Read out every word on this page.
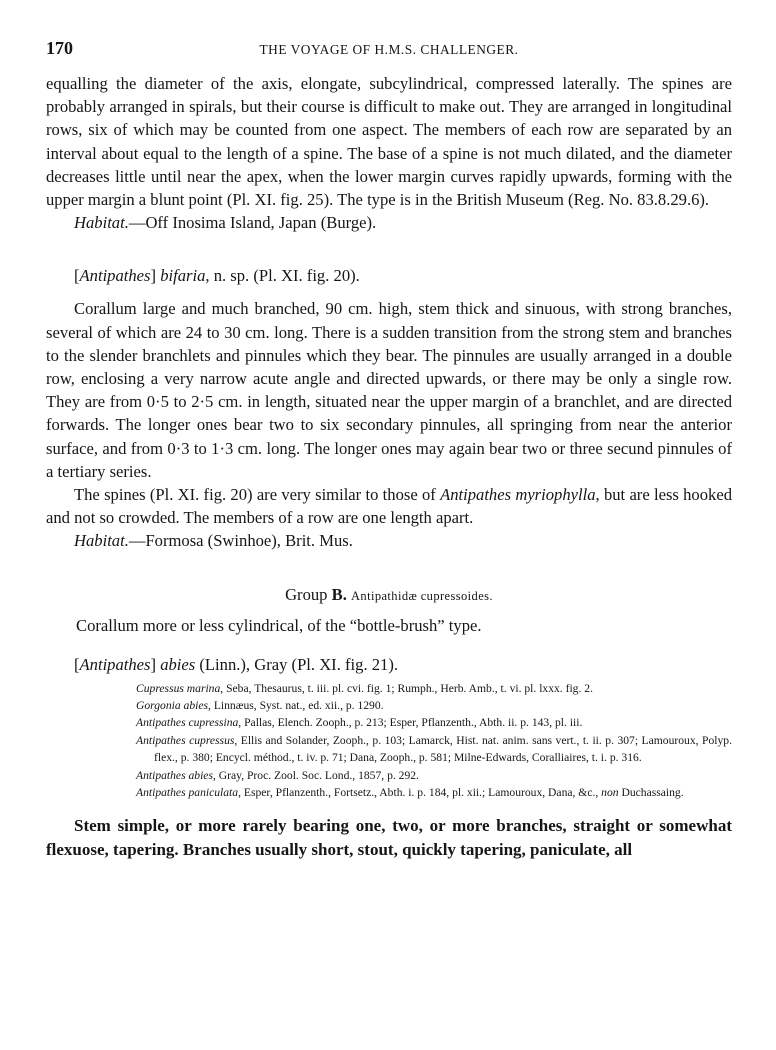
170	THE VOYAGE OF H.M.S. CHALLENGER.

equalling the diameter of the axis, elongate, subcylindrical, compressed laterally. The spines are probably arranged in spirals, but their course is difficult to make out. They are arranged in longitudinal rows, six of which may be counted from one aspect. The members of each row are separated by an interval about equal to the length of a spine. The base of a spine is not much dilated, and the diameter decreases little until near the apex, when the lower margin curves rapidly upwards, forming with the upper margin a blunt point (Pl. XI. fig. 25). The type is in the British Museum (Reg. No. 83.8.29.6).

Habitat.—Off Inosima Island, Japan (Burge).

[Antipathes] bifaria, n. sp. (Pl. XI. fig. 20).

Corallum large and much branched, 90 cm. high, stem thick and sinuous, with strong branches, several of which are 24 to 30 cm. long. There is a sudden transition from the strong stem and branches to the slender branchlets and pinnules which they bear. The pinnules are usually arranged in a double row, enclosing a very narrow acute angle and directed upwards, or there may be only a single row. They are from 0·5 to 2·5 cm. in length, situated near the upper margin of a branchlet, and are directed forwards. The longer ones bear two to six secondary pinnules, all springing from near the anterior surface, and from 0·3 to 1·3 cm. long. The longer ones may again bear two or three secund pinnules of a tertiary series.

The spines (Pl. XI. fig. 20) are very similar to those of Antipathes myriophylla, but are less hooked and not so crowded. The members of a row are one length apart.

Habitat.—Formosa (Swinhoe), Brit. Mus.

Group B. Antipathidæ cupressoides.

Corallum more or less cylindrical, of the “bottle-brush” type.

[Antipathes] abies (Linn.), Gray (Pl. XI. fig. 21).

Cupressus marina, Seba, Thesaurus, t. iii. pl. cvi. fig. 1; Rumph., Herb. Amb., t. vi. pl. lxxx. fig. 2.

Gorgonia abies, Linnæus, Syst. nat., ed. xii., p. 1290.

Antipathes cupressina, Pallas, Elench. Zooph., p. 213; Esper, Pflanzenth., Abth. ii. p. 143, pl. iii.

Antipathes cupressus, Ellis and Solander, Zooph., p. 103; Lamarck, Hist. nat. anim. sans vert., t. ii. p. 307; Lamouroux, Polyp. flex., p. 380; Encycl. méthod., t. iv. p. 71; Dana, Zooph., p. 581; Milne-Edwards, Coralliaires, t. i. p. 316.

Antipathes abies, Gray, Proc. Zool. Soc. Lond., 1857, p. 292.

Antipathes paniculata, Esper, Pflanzenth., Fortsetz., Abth. i. p. 184, pl. xii.; Lamouroux, Dana, &c., non Duchassaing.

Stem simple, or more rarely bearing one, two, or more branches, straight or somewhat flexuose, tapering. Branches usually short, stout, quickly tapering, paniculate, all
